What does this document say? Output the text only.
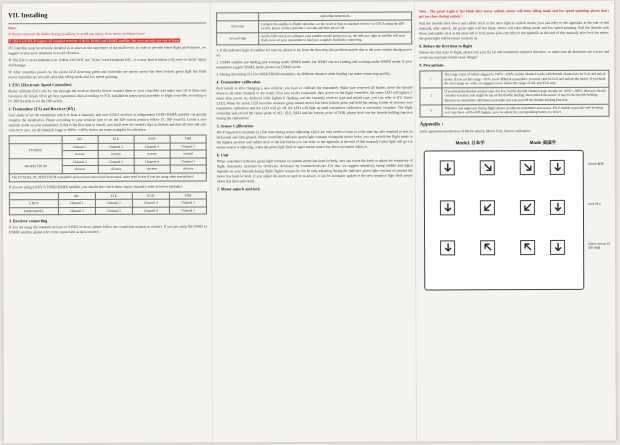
VII. Installing
Note:
① Please removed the blades during installing, to avoid any injury from motor accidental start！
② QQ-S and RX-P support all standard receiver, S.BUS, DSM2 and DSMX satellite, but you can only use one of them.
③ Controller must be securely installed in its place as the barycenter of the multi-rotor, in order to provide better flight performance, we suggest to take more measures to avoid vibration.
④ The ESC's travel endpoint is at 1100us, DO NOT use "Sytax" travel endpoint ESC, or it may lead accident to fly error or motor injury and damage.
⑤ After controller power on, the motor LED detecting green and controller are motor; motor has been locked, green light has blink motor controller are not still valid after idling mode and low speed spinning.
1. ESC (Electronic Speed Controller)
Please calibrate ESCs one by one through the receiver directly before connect them to your controller and make sure all of them turn Governor off. Break off to get best experience, then according to [VII. Installation Instruction] assemble to flight controller according to [V. DIP Switch] to set the DIP switch.
2. Transmitter (TX) and Receiver (RX)
User needs to set the transmitter which at least 4 channels, and uses S.BUS receiver or independent DSM2/DSMX satellite can greatly simplify the installation. Please according to your receiver type to set the DIP switch position follow [V. DIP Switch]. Create a new airplane mode on your transmitter, if this is the first time to install, user shall reset the model's data as default and then all trim and sub-trim set to zero, set all channels range to 100%~-100%, below are some examples for reference:
	AIL	ELE	RUD	THR
FUTABA	Channel 1	Channel 2	Channel 4	Channel 3
	reverse	reverse	reverse	normal
JR/SPECTRUM	Channel 2	Channel 3	Channel 4	Channel 1
	obverse	obverse	obverse	obverse
The FUTABA, JR, SPEKTRUM transmitter and receivers above had been tested, users need to test if you are using other transmitters！				
If you are using S.BUS or DSM2/DSMX satellite, you should also check these output channel's order as below (default):
	AIL	ELE	RUD	THR
S.BUS	Channel 1	Channel 2	Channel 4	Channel 3
DSM2/DSMX	Channel 2	Channel 3	Channel 4	Channel 1
3. Receiver connecting
If you are using the standard receiver or S.BUS receiver, please follow the connection manual to connect. If you are using the DSM2 or DSMX satellite, please refer to the instruction as shown below :
	operating instructions
First step	Connect the satellite to flight controller, set the receiver type to standard receiver or S.BUS using the DIP switch, power on the controller 5 seconds and then power off.
Second step	Set the DIP switch according to your satellite model and power on, the indicator light of satellite will start flash, now set your transmitter to bind you complete finish the connecting.
1. If the indicator light of satellite are turn on, please to try from the first step, this problem maybe due to the poor contact during power on.
2. DSMX satellite use binding and working under DSMX mode, but DSM2 can not binding and working under DSMX mode. If your transmitter support DSMX mode, please use DSMX mode.
3. During the testing of a few SPEKTRUM transmitter, try different distance when binding can make connecting quickly.
4. Transmitter calibration
First install or after changing a new receiver, you have to calibrate the transmitter. Make sure removed all blades, move the throttle down to all other channels to the center. First turn on the transmitter then power on the flight controller, the status LED will lighten 2 times after power on, different order lighten 6 flashing, use the currently receiver type and mixed type, you can refer to [IV. Status LED]. When the status LED becomes constant green means motor has been locked, press and hold the setting button of receiver own transmitter calibration and the LED will go off, the LED will light up until transmitter calibration is successful complete. The flight controller will record the center point of AIL, ELE, RUD and the bottom point of THR, please don't use the throttle holding function during the calibration！
5. Sensor Calibration
RX-P required to maintain in a flat state during sensor adjusting, QQ-S are only needs to keep in a flat state but also required to rest on horizontal and firm ground. When controller's indicator green light constant extinguish motor locks, you can switch the flight mode to the highest position and rudder stick to the left before you can refer to the appendix at the end of this manual) Green light will go out means sensor is adjusting, when the green light flash or again means sensor has been successful adjust it.
6. Unit
When controller's indicator green light constant on (means motor has been locked), user can rotate the knob to adjust the sensitivity of flight. Sensitivity increases by clockwise, decreases by counterclockwise. For this, we suggest sensitivity being middle and adjust depends on your demand during flight; higher sensitivity can be only adjusting during the indicator green light constant on (means the motor has been locked). If you adjust the knob or need to re-power, it can be automatic update to the new sensitive light flash means motor has been unlocked).
7. Motor unlock and lock
Note : The green Light is flat blink after motor unlock, motor will enter idling mode and low speed spinning, please don't get too close during unlock！
Pull the throttle stick down and rudder stick at the most right to unlock motor (you can refer to the appendix at the end of this manual), after unlock, the green light will has blink, motor will enter idling mode and low speed spinning. Pull the throttle stick down and rudder stick at the most left to lock motor (you can refer to the appendix at the end of this manual), after lock the motor, the green light will becomes constant on.
8. Before the first time to flight
Before the first time to flight, please test your fly kit and transmitter control's direction, to make sure all directions are correct and avoid any improper install cause danger！
9. Precautions
1	The range value of rudder suggest to 100%~-100%, rudder channel works with throttle channel are for lock and unlock motor. If you set this range < 85%, most different transmitter, you may can't be lock and unlock the motor. If you think the stick range too wide, we suggest you to reduce the range of AIL and ELE only.
2	If you think the throttle control value too low, but the throttle channel range already set 100%~-100%, then you should consider to inside, you might be top on the throttle holding when unlock the motor, it may be the throttle holding function on transmitter calibration and make sure you turn off the throttle holding function.
3	Vibration and imprecise during flight, please recalibrate transmitter and sensor. RX-P unable to provide self-leveling, so it may have a little drift happen, you can adjust the corresponding button to correct.
Appendix :
Stick operation introduction of Motor unlock, Motor lock, Sensor calibration :
Mode1 日本手	Mode 美国手
Unlock 解锁
Lock 锁定
Adjust sensor 校准传感器
